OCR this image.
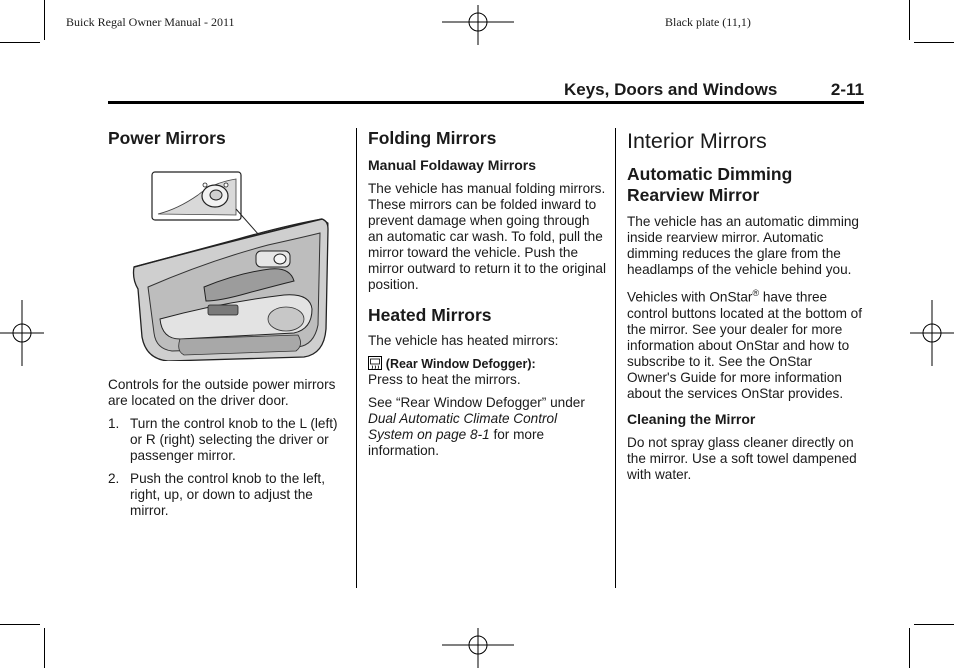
Buick Regal Owner Manual - 2011	Black plate (11,1)
Keys, Doors and Windows	2-11
Power Mirrors

Controls for the outside power mirrors are located on the driver door.

1. Turn the control knob to the L (left) or R (right) selecting the driver or passenger mirror.
2. Push the control knob to the left, right, up, or down to adjust the mirror.
Folding Mirrors
Manual Foldaway Mirrors

The vehicle has manual folding mirrors. These mirrors can be folded inward to prevent damage when going through an automatic car wash. To fold, pull the mirror toward the vehicle. Push the mirror outward to return it to the original position.

Heated Mirrors

The vehicle has heated mirrors:

(Rear Window Defogger):
Press to heat the mirrors.

See “Rear Window Defogger” under Dual Automatic Climate Control System on page 8-1 for more information.

Interior Mirrors
Automatic Dimming Rearview Mirror

The vehicle has an automatic dimming inside rearview mirror. Automatic dimming reduces the glare from the headlamps of the vehicle behind you.

Vehicles with OnStar® have three control buttons located at the bottom of the mirror. See your dealer for more information about OnStar and how to subscribe to it. See the OnStar Owner's Guide for more information about the services OnStar provides.

Cleaning the Mirror

Do not spray glass cleaner directly on the mirror. Use a soft towel dampened with water.
